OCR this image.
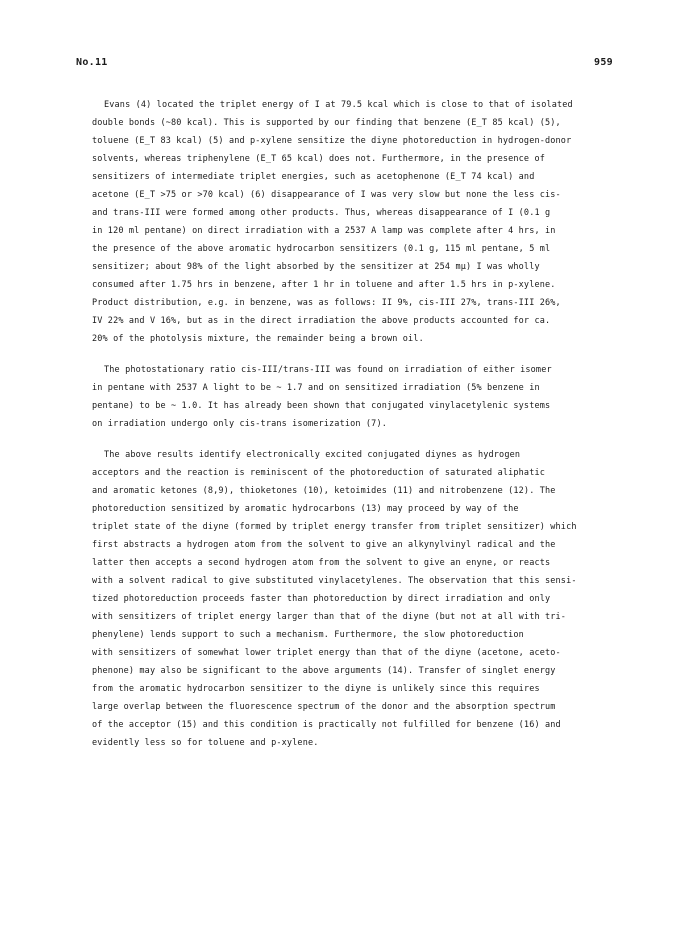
No.11	959
Evans (4) located the triplet energy of I at 79.5 kcal which is close to that of isolated
double bonds (~80 kcal). This is supported by our finding that benzene (E_T 85 kcal) (5),
toluene (E_T 83 kcal) (5) and p-xylene sensitize the diyne photoreduction in hydrogen-donor
solvents, whereas triphenylene (E_T 65 kcal) does not. Furthermore, in the presence of
sensitizers of intermediate triplet energies, such as acetophenone (E_T 74 kcal) and
acetone (E_T >75 or >70 kcal) (6) disappearance of I was very slow but none the less cis-
and trans-III were formed among other products. Thus, whereas disappearance of I (0.1 g
in 120 ml pentane) on direct irradiation with a 2537 A lamp was complete after 4 hrs, in
the presence of the above aromatic hydrocarbon sensitizers (0.1 g, 115 ml pentane, 5 ml
sensitizer; about 98% of the light absorbed by the sensitizer at 254 mμ) I was wholly
consumed after 1.75 hrs in benzene, after 1 hr in toluene and after 1.5 hrs in p-xylene.
Product distribution, e.g. in benzene, was as follows: II 9%, cis-III 27%, trans-III 26%,
IV 22% and V 16%, but as in the direct irradiation the above products accounted for ca.
20% of the photolysis mixture, the remainder being a brown oil.
The photostationary ratio cis-III/trans-III was found on irradiation of either isomer
in pentane with 2537 A light to be ~ 1.7 and on sensitized irradiation (5% benzene in
pentane) to be ~ 1.0. It has already been shown that conjugated vinylacetylenic systems
on irradiation undergo only cis-trans isomerization (7).
The above results identify electronically excited conjugated diynes as hydrogen
acceptors and the reaction is reminiscent of the photoreduction of saturated aliphatic
and aromatic ketones (8,9), thioketones (10), ketoimides (11) and nitrobenzene (12). The
photoreduction sensitized by aromatic hydrocarbons (13) may proceed by way of the
triplet state of the diyne (formed by triplet energy transfer from triplet sensitizer) which
first abstracts a hydrogen atom from the solvent to give an alkynylvinyl radical and the
latter then accepts a second hydrogen atom from the solvent to give an enyne, or reacts
with a solvent radical to give substituted vinylacetylenes. The observation that this sensi-
tized photoreduction proceeds faster than photoreduction by direct irradiation and only
with sensitizers of triplet energy larger than that of the diyne (but not at all with tri-
phenylene) lends support to such a mechanism. Furthermore, the slow photoreduction
with sensitizers of somewhat lower triplet energy than that of the diyne (acetone, aceto-
phenone) may also be significant to the above arguments (14). Transfer of singlet energy
from the aromatic hydrocarbon sensitizer to the diyne is unlikely since this requires
large overlap between the fluorescence spectrum of the donor and the absorption spectrum
of the acceptor (15) and this condition is practically not fulfilled for benzene (16) and
evidently less so for toluene and p-xylene.
